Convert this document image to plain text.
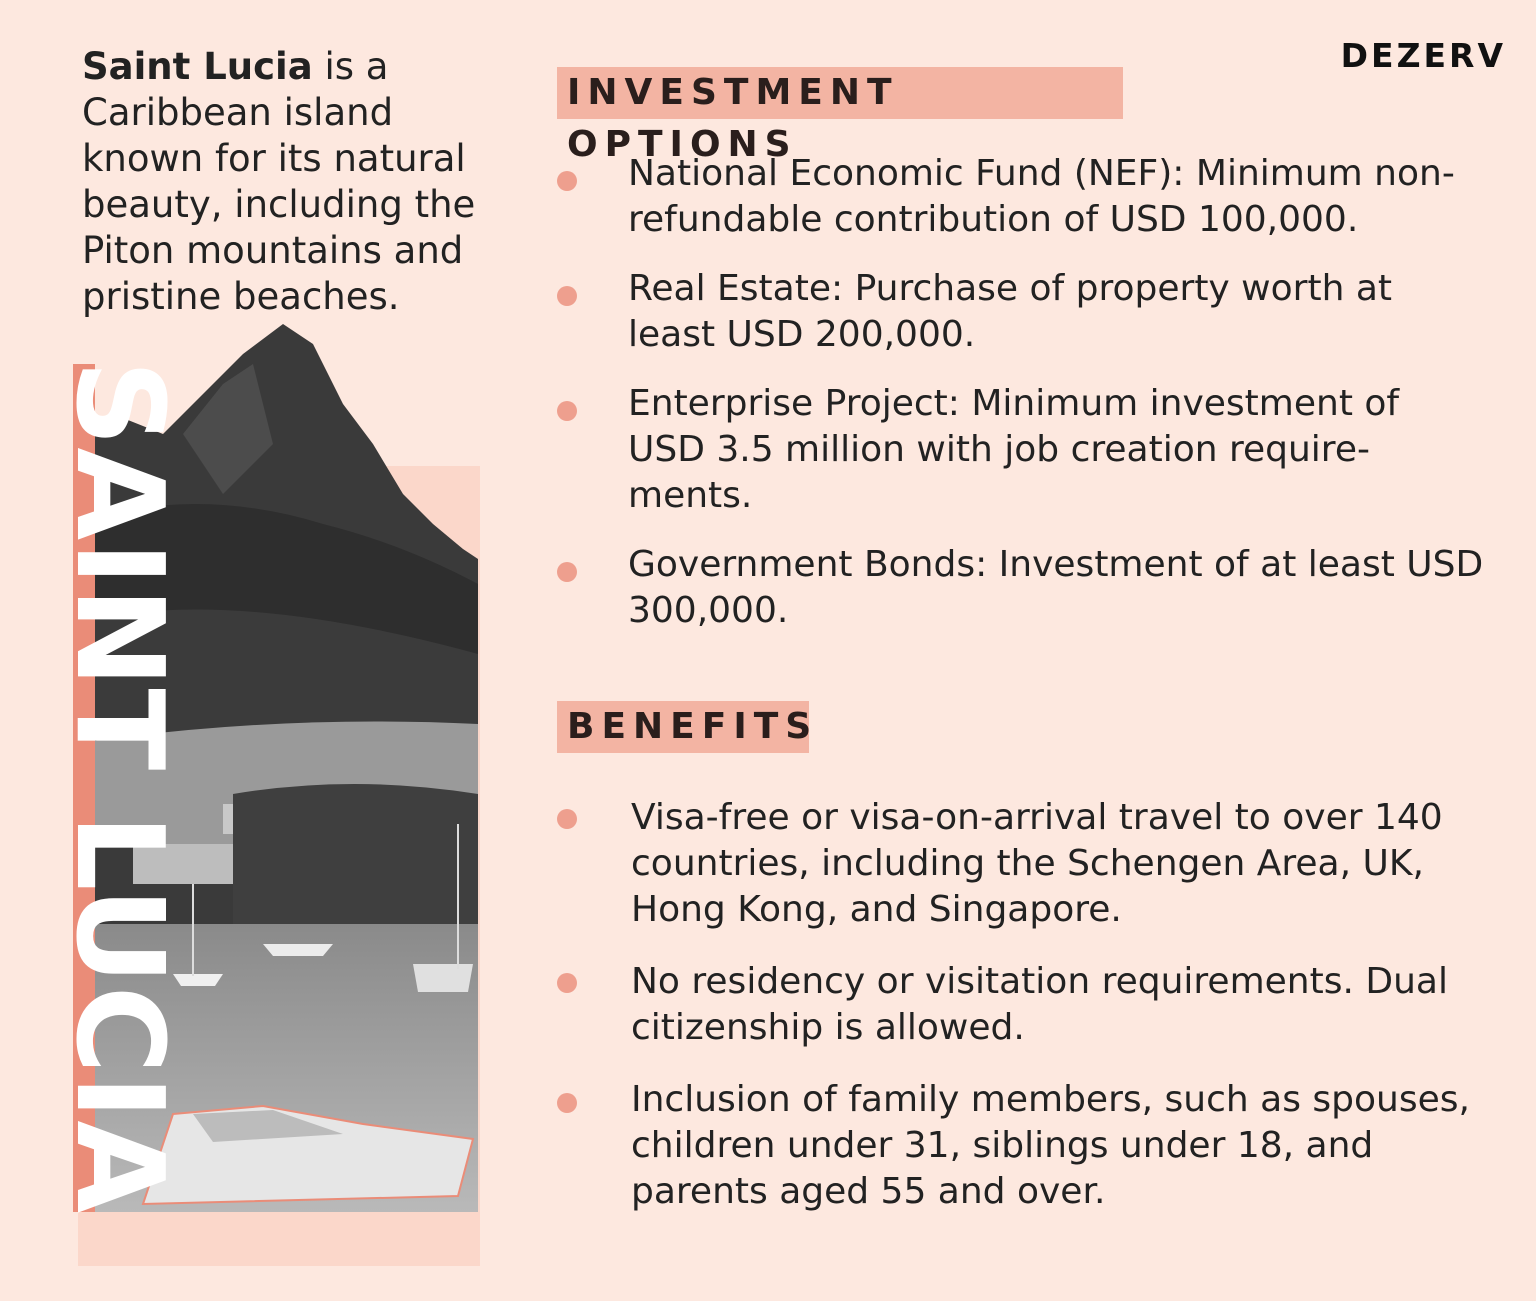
DEZERV
Saint Lucia is a Caribbean island known for its natural beauty, including the Piton mountains and pristine beaches.
SAINT LUCIA
INVESTMENT OPTIONS
National Economic Fund (NEF): Minimum non-refundable contribution of USD 100,000.
Real Estate: Purchase of property worth at least USD 200,000.
Enterprise Project: Minimum investment of USD 3.5 million with job creation require-ments.
Government Bonds: Investment of at least USD 300,000.
BENEFITS
Visa-free or visa-on-arrival travel to over 140 countries, including the Schengen Area, UK, Hong Kong, and Singapore.
No residency or visitation requirements. Dual citizenship is allowed.
Inclusion of family members, such as spouses, children under 31, siblings under 18, and parents aged 55 and over.
